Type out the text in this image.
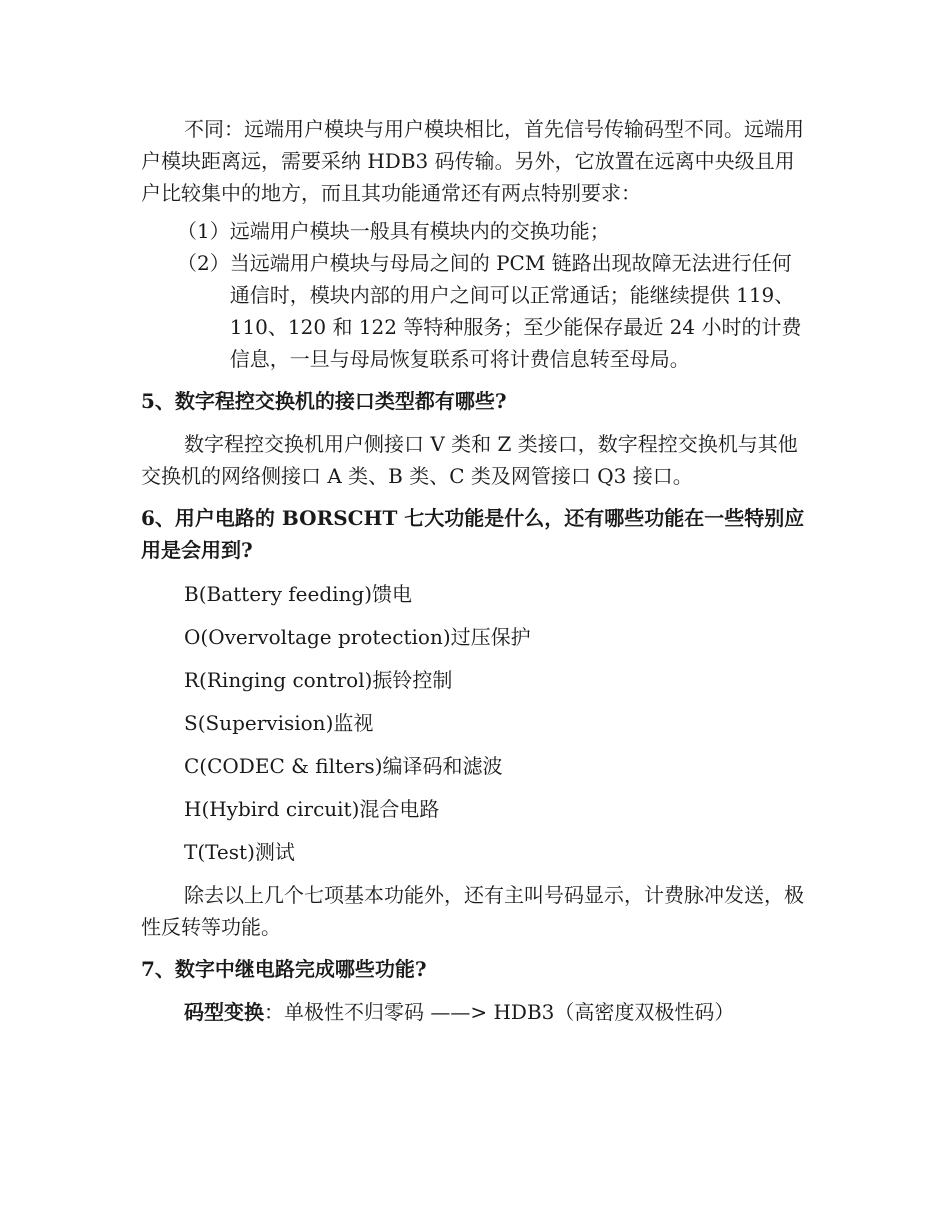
不同：远端用户模块与用户模块相比，首先信号传输码型不同。远端用户模块距离远，需要采纳 HDB3 码传输。另外，它放置在远离中央级且用户比较集中的地方，而且其功能通常还有两点特别要求：

（1） 远端用户模块一般具有模块内的交换功能；
（2） 当远端用户模块与母局之间的 PCM 链路出现故障无法进行任何通信时，模块内部的用户之间可以正常通话；能继续提供 119、110、120 和 122 等特种服务；至少能保存最近 24 小时的计费信息，一旦与母局恢复联系可将计费信息转至母局。
5、数字程控交换机的接口类型都有哪些?

数字程控交换机用户侧接口 V 类和 Z 类接口，数字程控交换机与其他交换机的网络侧接口 A 类、B 类、C 类及网管接口 Q3 接口。

6、用户电路的 BORSCHT 七大功能是什么，还有哪些功能在一些特别应用是会用到?

B(Battery feeding)馈电

O(Overvoltage protection)过压保护

R(Ringing control)振铃控制

S(Supervision)监视

C(CODEC & filters)编译码和滤波

H(Hybird circuit)混合电路

T(Test)测试

除去以上几个七项基本功能外，还有主叫号码显示，计费脉冲发送，极性反转等功能。

7、数字中继电路完成哪些功能?

码型变换：单极性不归零码 ——> HDB3（高密度双极性码）
